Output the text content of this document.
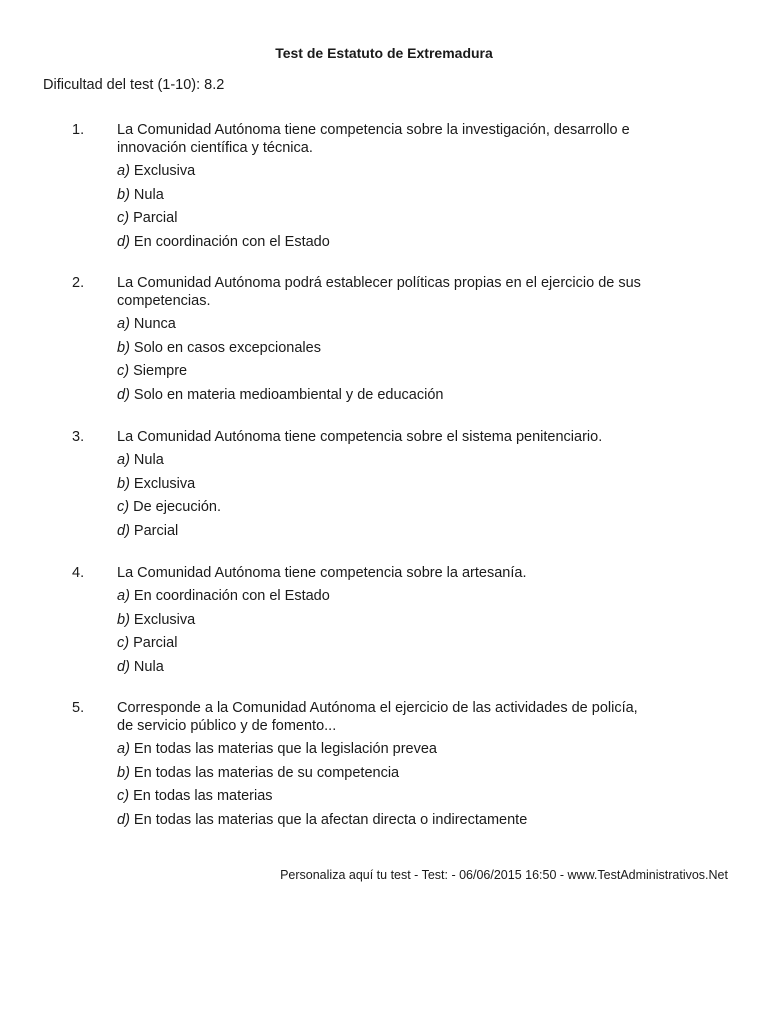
Test de Estatuto de Extremadura
Dificultad del test (1-10): 8.2
1.	La Comunidad Autónoma tiene competencia sobre la investigación, desarrollo e innovación científica y técnica.
a) Exclusiva
b) Nula
c) Parcial
d) En coordinación con el Estado
2.	La Comunidad Autónoma podrá establecer políticas propias en el ejercicio de sus competencias.
a) Nunca
b) Solo en casos excepcionales
c) Siempre
d) Solo en materia medioambiental y de educación
3.	La Comunidad Autónoma tiene competencia sobre el sistema penitenciario.
a) Nula
b) Exclusiva
c) De ejecución.
d) Parcial
4.	La Comunidad Autónoma tiene competencia sobre la artesanía.
a) En coordinación con el Estado
b) Exclusiva
c) Parcial
d) Nula
5.	Corresponde a la Comunidad Autónoma el ejercicio de las actividades de policía, de servicio público y de fomento...
a) En todas las materias que la legislación prevea
b) En todas las materias de su competencia
c) En todas las materias
d) En todas las materias que la afectan directa o indirectamente
Personaliza aquí tu test - Test: - 06/06/2015 16:50 - www.TestAdministrativos.Net
